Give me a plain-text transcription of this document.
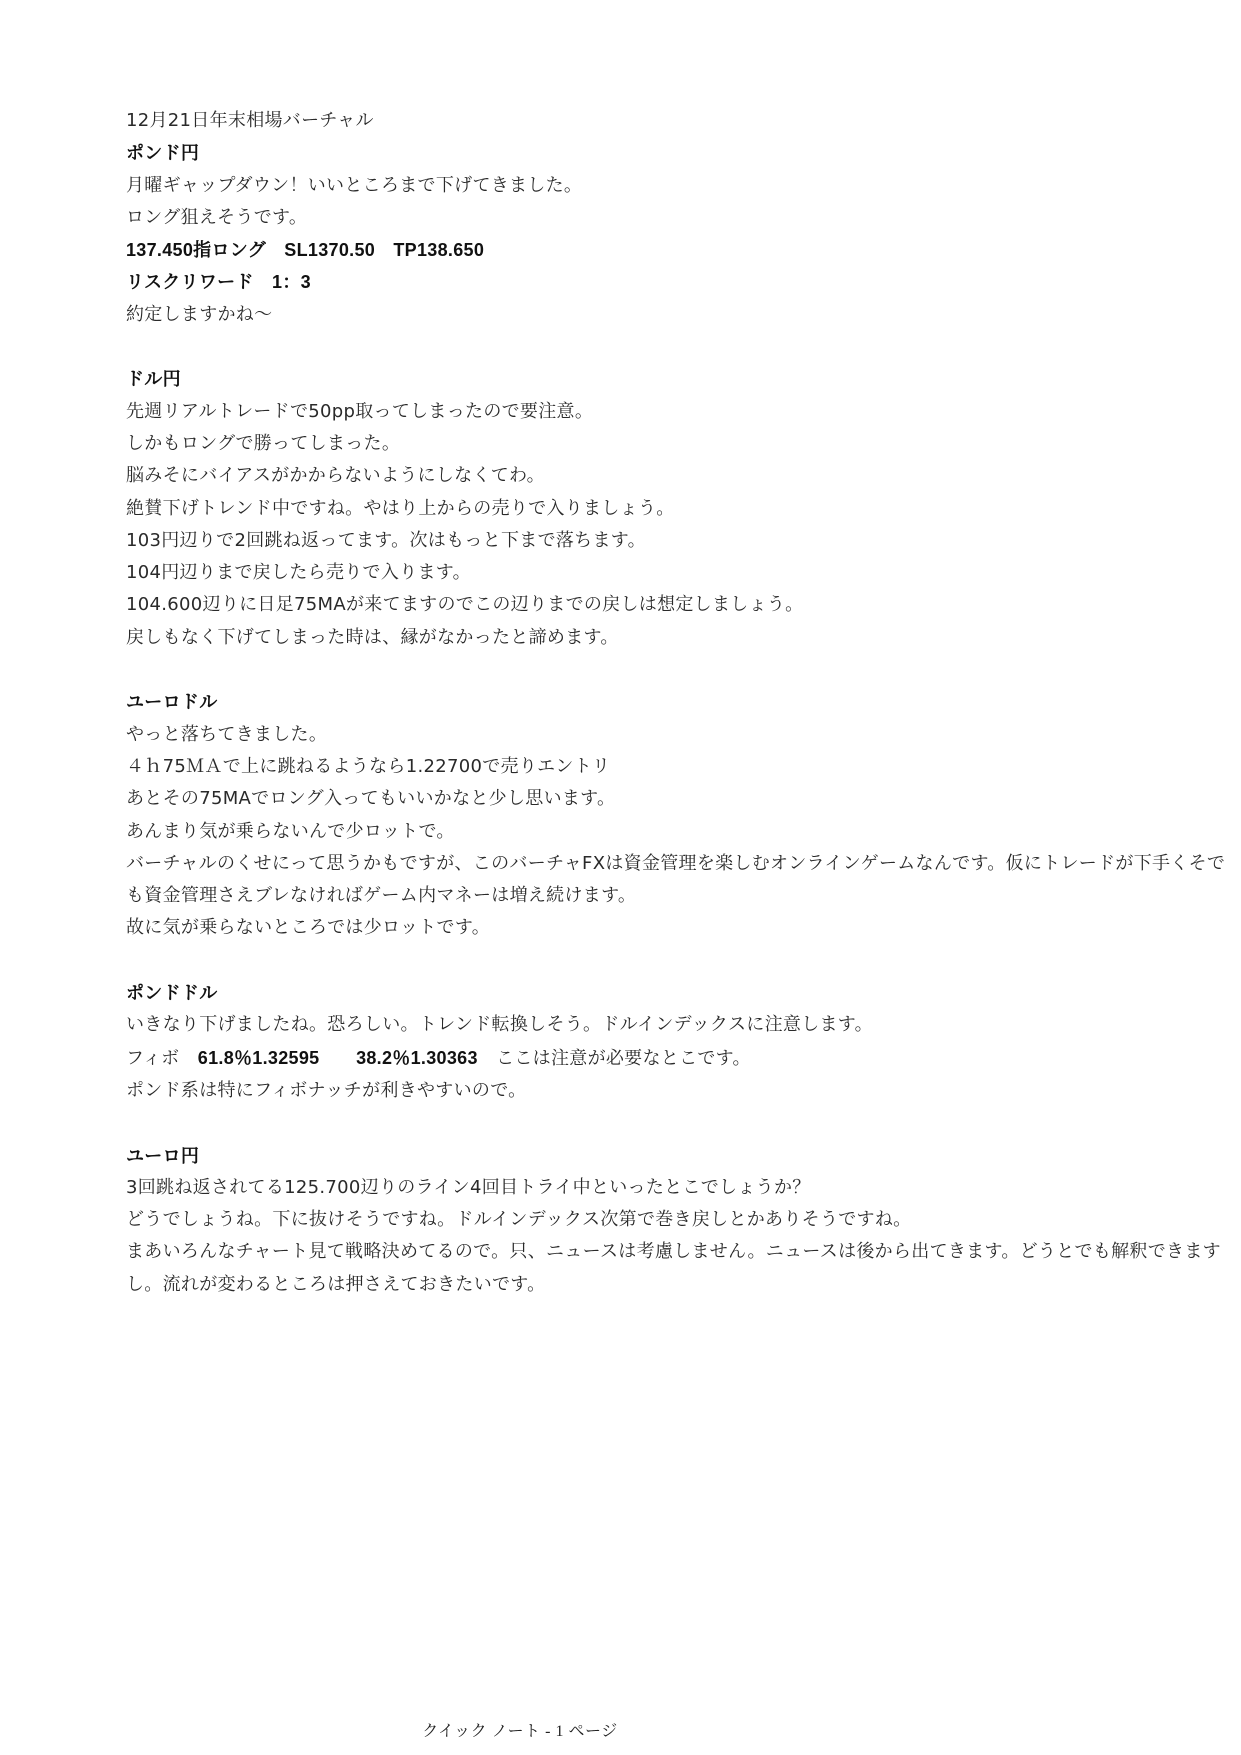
12月21日年末相場バーチャル
ポンド円
月曜ギャップダウン！いいところまで下げてきました。
ロング狙えそうです。
137.450指ロング　SL1370.50　TP138.650
リスクリワード　1：3
約定しますかね～
ドル円
先週リアルトレードで50pp取ってしまったので要注意。
しかもロングで勝ってしまった。
脳みそにバイアスがかからないようにしなくてわ。
絶賛下げトレンド中ですね。やはり上からの売りで入りましょう。
103円辺りで2回跳ね返ってます。次はもっと下まで落ちます。
104円辺りまで戻したら売りで入ります。
104.600辺りに日足75MAが来てますのでこの辺りまでの戻しは想定しましょう。
戻しもなく下げてしまった時は、縁がなかったと諦めます。
ユーロドル
やっと落ちてきました。
４ｈ75ＭＡで上に跳ねるようなら1.22700で売りエントリ
あとその75MAでロング入ってもいいかなと少し思います。
あんまり気が乗らないんで少ロットで。
バーチャルのくせにって思うかもですが、このバーチャFXは資金管理を楽しむオンラインゲームなんです。仮にトレードが下手くそでも資金管理さえブレなければゲーム内マネーは増え続けます。
故に気が乗らないところでは少ロットです。
ポンドドル
いきなり下げましたね。恐ろしい。トレンド転換しそう。ドルインデックスに注意します。
フィボ　61.8％1.32595　　38.2％1.30363　ここは注意が必要なとこです。
ポンド系は特にフィボナッチが利きやすいので。
ユーロ円
3回跳ね返されてる125.700辺りのライン4回目トライ中といったとこでしょうか？
どうでしょうね。下に抜けそうですね。ドルインデックス次第で巻き戻しとかありそうですね。
まあいろんなチャート見て戦略決めてるので。只、ニュースは考慮しません。ニュースは後から出てきます。どうとでも解釈できますし。流れが変わるところは押さえておきたいです。
クイック ノート - 1 ページ
